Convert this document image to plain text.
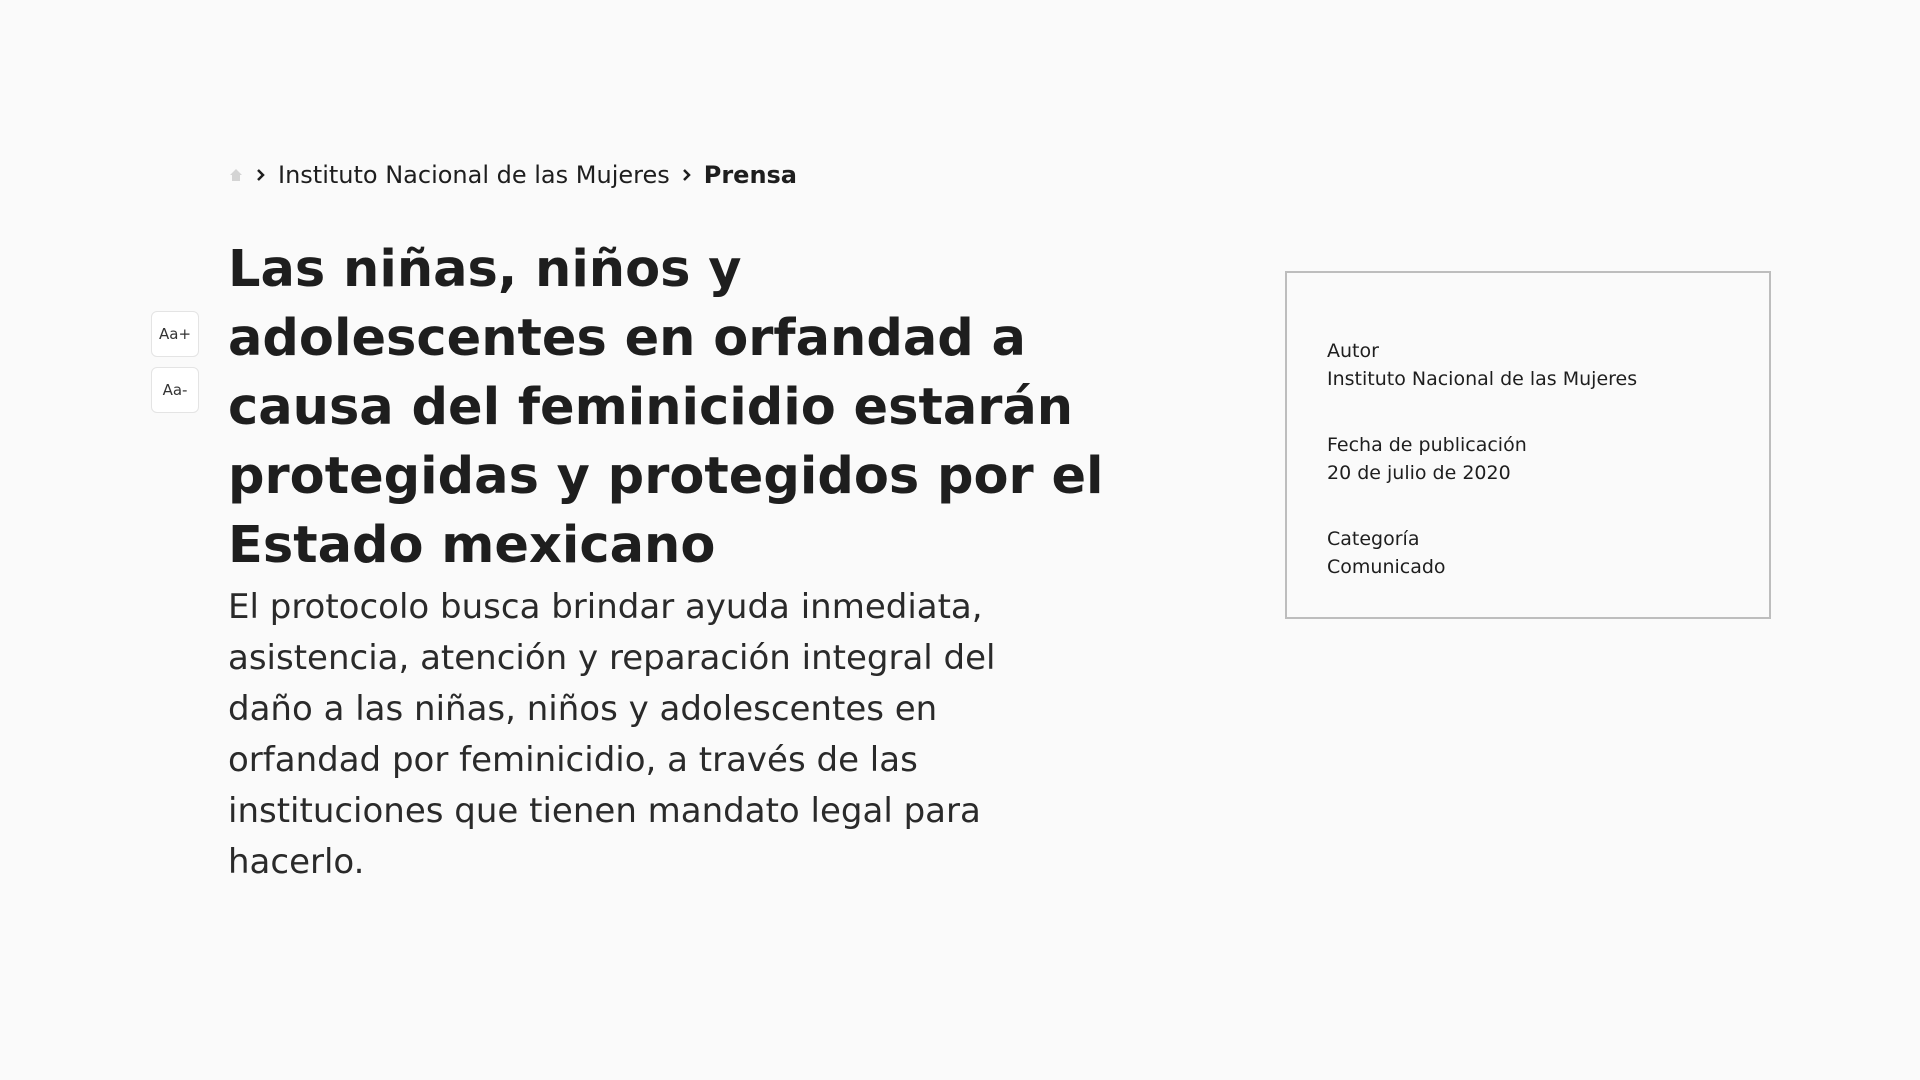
Instituto Nacional de las Mujeres Prensa
Aa+
Aa-
Las niñas, niños y adolescentes en orfandad a causa del feminicidio estarán protegidas y protegidos por el Estado mexicano

El protocolo busca brindar ayuda inmediata, asistencia, atención y reparación integral del daño a las niñas, niños y adolescentes en orfandad por feminicidio, a través de las instituciones que tienen mandato legal para hacerlo.

Autor
Instituto Nacional de las Mujeres
Fecha de publicación
20 de julio de 2020
Categoría
Comunicado
